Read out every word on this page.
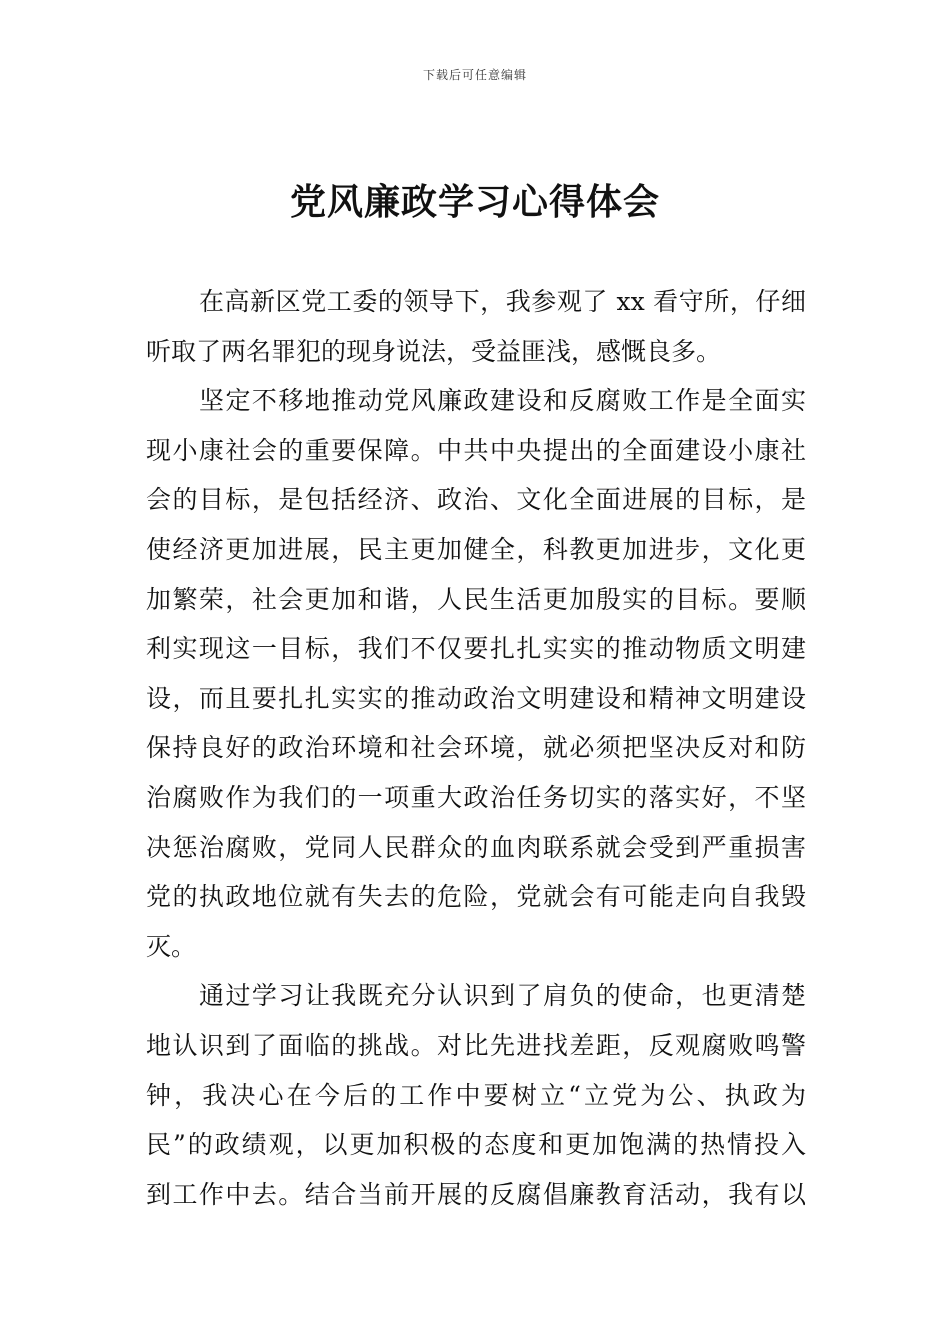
下载后可任意编辑
党风廉政学习心得体会

在高新区党工委的领导下，我参观了 xx 看守所，仔细
听取了两名罪犯的现身说法，受益匪浅，感慨良多。

坚定不移地推动党风廉政建设和反腐败工作是全面实
现小康社会的重要保障。中共中央提出的全面建设小康社
会的目标，是包括经济、政治、文化全面进展的目标，是
使经济更加进展，民主更加健全，科教更加进步，文化更
加繁荣，社会更加和谐，人民生活更加殷实的目标。要顺
利实现这一目标，我们不仅要扎扎实实的推动物质文明建
设，而且要扎扎实实的推动政治文明建设和精神文明建设
保持良好的政治环境和社会环境，就必须把坚决反对和防
治腐败作为我们的一项重大政治任务切实的落实好，不坚
决惩治腐败，党同人民群众的血肉联系就会受到严重损害
党的执政地位就有失去的危险，党就会有可能走向自我毁
灭。

通过学习让我既充分认识到了肩负的使命，也更清楚
地认识到了面临的挑战。对比先进找差距，反观腐败鸣警
钟，我决心在今后的工作中要树立“立党为公、执政为
民”的政绩观，以更加积极的态度和更加饱满的热情投入
到工作中去。结合当前开展的反腐倡廉教育活动，我有以
